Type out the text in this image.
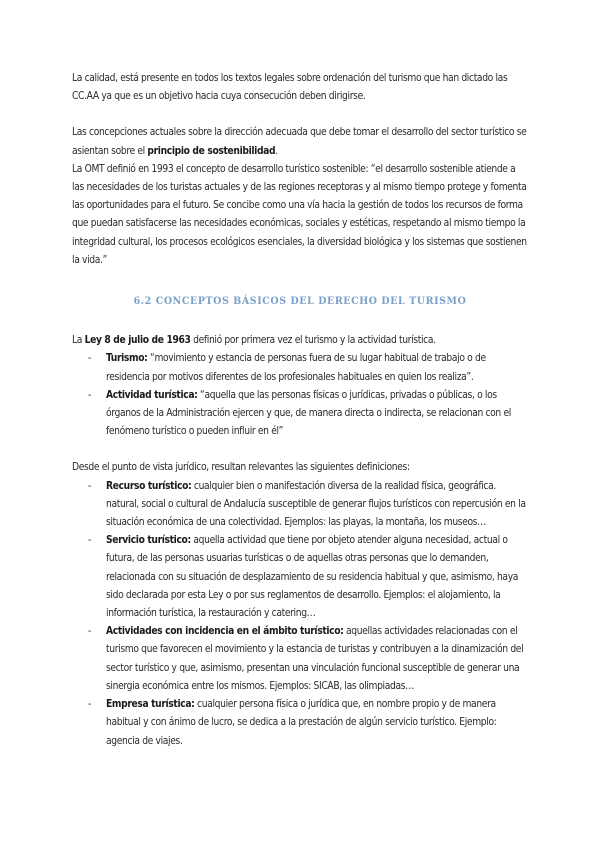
La calidad, está presente en todos los textos legales sobre ordenación del turismo que han dictado las CC.AA ya que es un objetivo hacia cuya consecución deben dirigirse.

Las concepciones actuales sobre la dirección adecuada que debe tomar el desarrollo del sector turístico se asientan sobre el principio de sostenibilidad.

La OMT definió en 1993 el concepto de desarrollo turístico sostenible: “el desarrollo sostenible atiende a las necesidades de los turistas actuales y de las regiones receptoras y al mismo tiempo protege y fomenta las oportunidades para el futuro. Se concibe como una vía hacia la gestión de todos los recursos de forma que puedan satisfacerse las necesidades económicas, sociales y estéticas, respetando al mismo tiempo la integridad cultural, los procesos ecológicos esenciales, la diversidad biológica y los sistemas que sostienen la vida.”

6.2 CONCEPTOS BÁSICOS DEL DERECHO DEL TURISMO

La Ley 8 de julio de 1963 definió por primera vez el turismo y la actividad turística.

- Turismo: “movimiento y estancia de personas fuera de su lugar habitual de trabajo o de residencia por motivos diferentes de los profesionales habituales en quien los realiza”.
- Actividad turística: “aquella que las personas físicas o jurídicas, privadas o públicas, o los órganos de la Administración ejercen y que, de manera directa o indirecta, se relacionan con el fenómeno turístico o pueden influir en él”

Desde el punto de vista jurídico, resultan relevantes las siguientes definiciones:

- Recurso turístico: cualquier bien o manifestación diversa de la realidad física, geográfica. natural, social o cultural de Andalucía susceptible de generar flujos turísticos con repercusión en la situación económica de una colectividad. Ejemplos: las playas, la montaña, los museos…
- Servicio turístico: aquella actividad que tiene por objeto atender alguna necesidad, actual o futura, de las personas usuarias turísticas o de aquellas otras personas que lo demanden, relacionada con su situación de desplazamiento de su residencia habitual y que, asimismo, haya sido declarada por esta Ley o por sus reglamentos de desarrollo. Ejemplos: el alojamiento, la información turística, la restauración y catering…
- Actividades con incidencia en el ámbito turístico: aquellas actividades relacionadas con el turismo que favorecen el movimiento y la estancia de turistas y contribuyen a la dinamización del sector turístico y que, asimismo, presentan una vinculación funcional susceptible de generar una sinergia económica entre los mismos. Ejemplos: SICAB, las olimpiadas…
- Empresa turística: cualquier persona física o jurídica que, en nombre propio y de manera habitual y con ánimo de lucro, se dedica a la prestación de algún servicio turístico. Ejemplo: agencia de viajes.
